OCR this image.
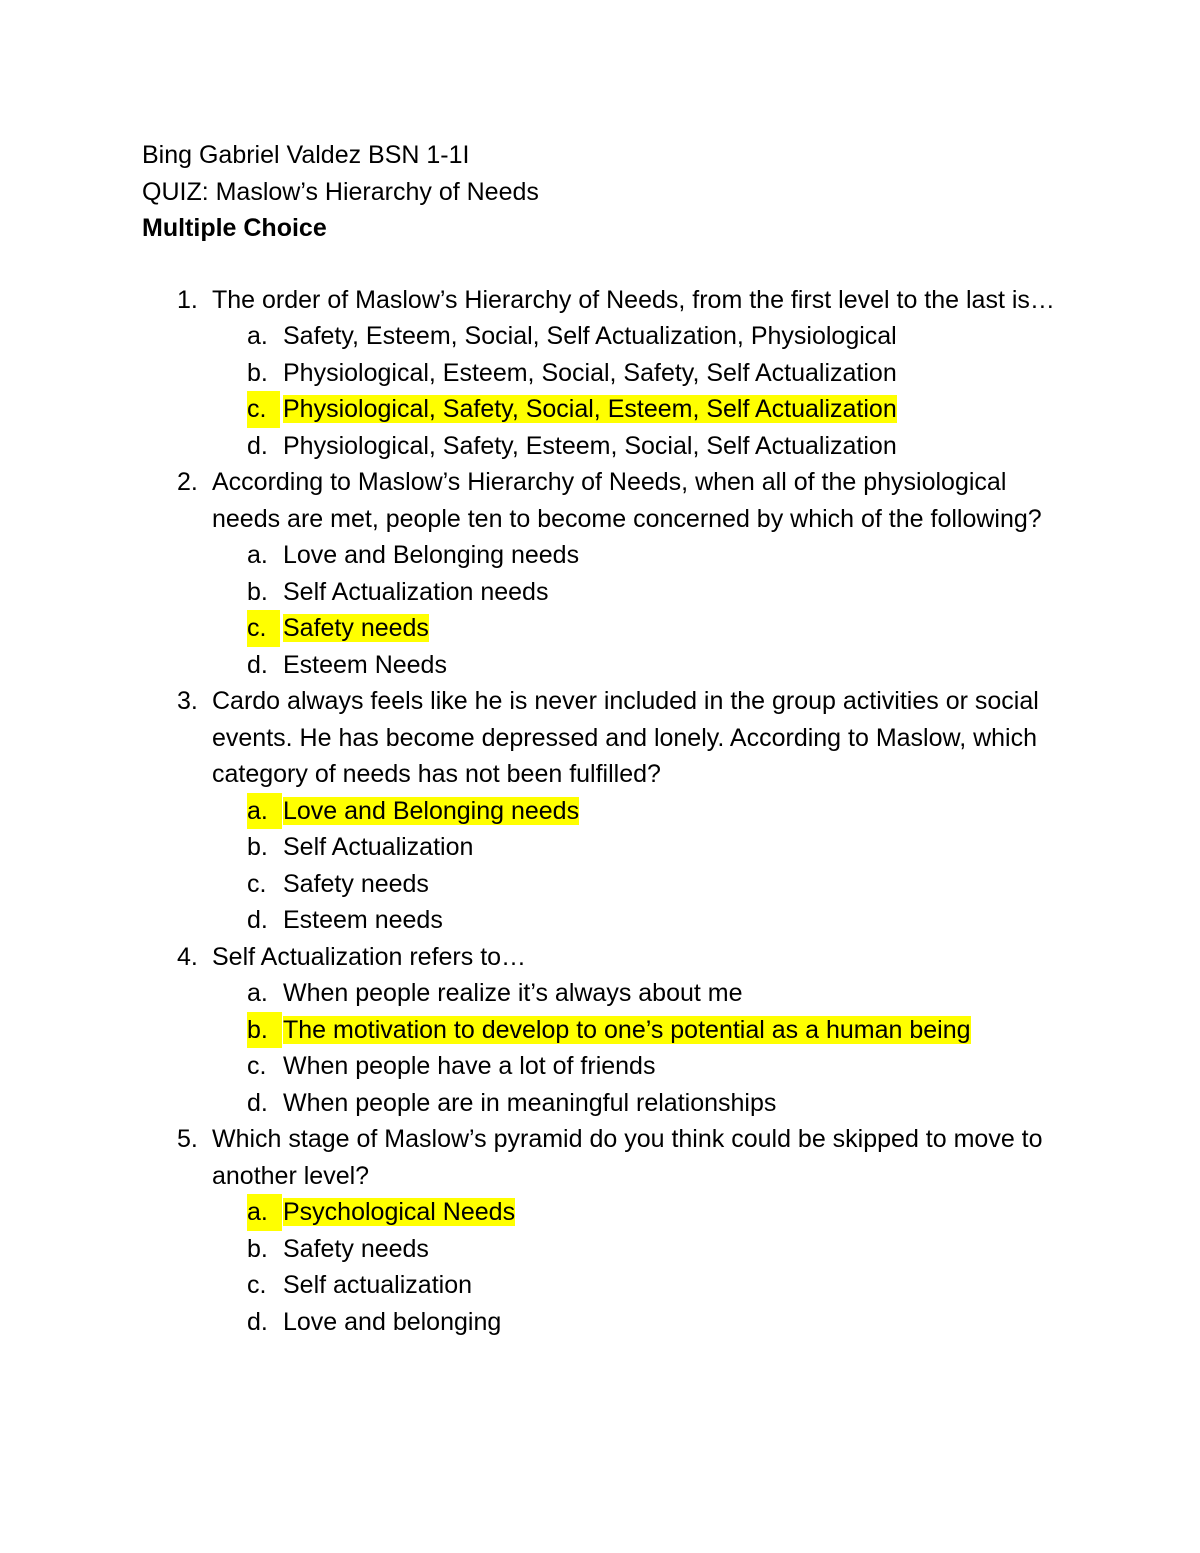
Bing Gabriel Valdez BSN 1-1I

QUIZ: Maslow’s Hierarchy of Needs

Multiple Choice

1. The order of Maslow’s Hierarchy of Needs, from the first level to the last is…
a. Safety, Esteem, Social, Self Actualization, Physiological
b. Physiological, Esteem, Social, Safety, Self Actualization
c. Physiological, Safety, Social, Esteem, Self Actualization
d. Physiological, Safety, Esteem, Social, Self Actualization
2. According to Maslow’s Hierarchy of Needs, when all of the physiological needs are met, people ten to become concerned by which of the following?
a. Love and Belonging needs
b. Self Actualization needs
c. Safety needs
d. Esteem Needs
3. Cardo always feels like he is never included in the group activities or social events. He has become depressed and lonely. According to Maslow, which category of needs has not been fulfilled?
a. Love and Belonging needs
b. Self Actualization
c. Safety needs
d. Esteem needs
4. Self Actualization refers to…
a. When people realize it’s always about me
b. The motivation to develop to one’s potential as a human being
c. When people have a lot of friends
d. When people are in meaningful relationships
5. Which stage of Maslow’s pyramid do you think could be skipped to move to another level?
a. Psychological Needs
b. Safety needs
c. Self actualization
d. Love and belonging
